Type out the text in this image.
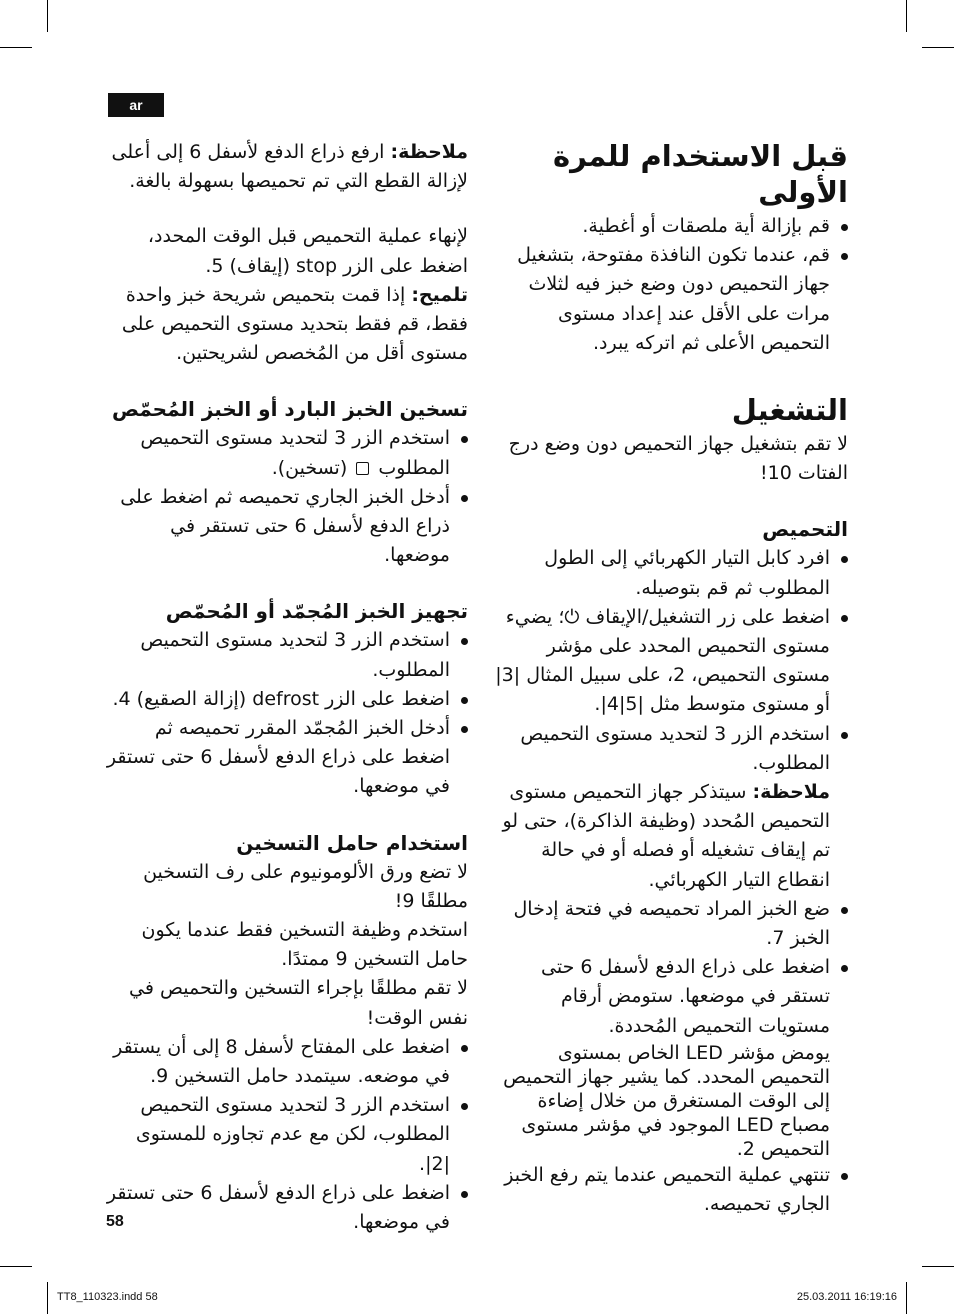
ar
قبل الاستخدام للمرة الأولى
قم بإزالة أية ملصقات أو أغطية.
قم، عندما تكون النافذة مفتوحة، بتشغيل جهاز التحميص دون وضع خبز فيه لثلاث مرات على الأقل عند إعداد مستوى التحميص الأعلى ثم اتركه يبرد.
التشغيل

لا تقم بتشغيل جهاز التحميص دون وضع درج الفتات 10!

التحميص
افرد كابل التيار الكهربائي إلى الطول المطلوب ثم قم بتوصيله.
اضغط على زر التشغيل/الإيقاف ⏻؛ يضيء مستوى التحميص المحدد على مؤشر مستوى التحميص، 2، على سبيل المثال |3| أو مستوى متوسط مثل |5|4|.
استخدم الزر 3 لتحديد مستوى التحميص المطلوب.

ملاحظة: سيتذكر جهاز التحميص مستوى التحميص المُحدد (وظيفة الذاكرة)، حتى لو تم إيقاف تشغيله أو فصله أو في حالة انقطاع التيار الكهربائي.

ضع الخبز المراد تحميصه في فتحة إدخال الخبز 7.
اضغط على ذراع الدفع لأسفل 6 حتى تستقر في موضعها. ستومض أرقام مستويات التحميص المُحددة.

يومض مؤشر LED الخاص بمستوى التحميص المحدد. كما يشير جهاز التحميص إلى الوقت المستغرق من خلال إضاءة مصباح LED الموجود في مؤشر مستوى التحميص 2.

تنتهي عملية التحميص عندما يتم رفع الخبز الجاري تحميصه.

ملاحظة: ارفع ذراع الدفع لأسفل 6 إلى أعلى لإزالة القطع التي تم تحميصها بسهولة بالغة.

لإنهاء عملية التحميص قبل الوقت المحدد، اضغط على الزر stop (إيقاف) 5.

تلميح: إذا قمت بتحميص شريحة خبز واحدة فقط، قم فقط بتحديد مستوى التحميص على مستوى أقل من المُخصص لشريحتين.

تسخين الخبز البارد أو الخبز المُحمّص
استخدم الزر 3 لتحديد مستوى التحميص المطلوب  (تسخين).
أدخل الخبز الجاري تحميصه ثم اضغط على ذراع الدفع لأسفل 6 حتى تستقر في موضعها.
تجهيز الخبز المُجمّد أو المُحمّص
استخدم الزر 3 لتحديد مستوى التحميص المطلوب.
اضغط على الزر defrost (إزالة الصقيع) 4.
أدخل الخبز المُجمّد المقرر تحميصه ثم اضغط على ذراع الدفع لأسفل 6 حتى تستقر في موضعها.
استخدام حامل التسخين

لا تضع ورق الألومونيوم على رف التسخين مطلقًا 9!

استخدم وظيفة التسخين فقط عندما يكون حامل التسخين 9 ممتدًا.

لا تقم مطلقًا بإجراء التسخين والتحميص في نفس الوقت!

اضغط على المفتاح لأسفل 8 إلى أن يستقر في موضعه. سيتمدد حامل التسخين 9.
استخدم الزر 3 لتحديد مستوى التحميص المطلوب، لكن مع عدم تجاوزه للمستوى |2|.
اضغط على ذراع الدفع لأسفل 6 حتى تستقر في موضعها.
58
TT8_110323.indd 58	25.03.2011 16:19:16
